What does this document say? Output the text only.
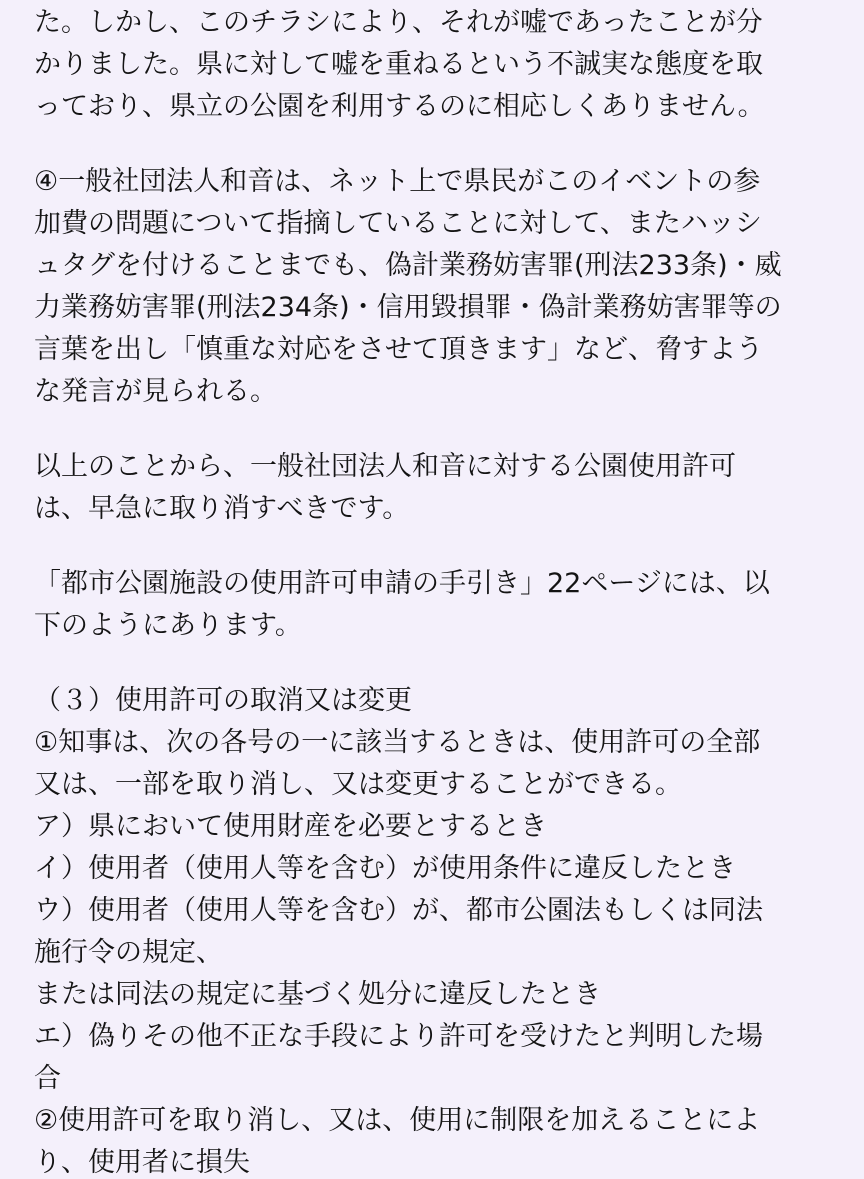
た。しかし、このチラシにより、それが嘘であったことが分

かりました。県に対して嘘を重ねるという不誠実な態度を取

っており、県立の公園を利用するのに相応しくありません。

④一般社団法人和音は、ネット上で県民がこのイベントの参

加費の問題について指摘していることに対して、またハッシ

ュタグを付けることまでも、偽計業務妨害罪(刑法233条)・威

力業務妨害罪(刑法234条)・信用毀損罪・偽計業務妨害罪等の

言葉を出し「慎重な対応をさせて頂きます」など、脅すよう

な発言が見られる。

以上のことから、一般社団法人和音に対する公園使用許可

は、早急に取り消すべきです。

「都市公園施設の使用許可申請の手引き」22ページには、以

下のようにあります。

（３）使用許可の取消又は変更

①知事は、次の各号の一に該当するときは、使用許可の全部

又は、一部を取り消し、又は変更することができる。

ア）県において使用財産を必要とするとき

イ）使用者（使用人等を含む）が使用条件に違反したとき

ウ）使用者（使用人等を含む）が、都市公園法もしくは同法

施行令の規定、

または同法の規定に基づく処分に違反したとき

エ）偽りその他不正な手段により許可を受けたと判明した場

合

②使用許可を取り消し、又は、使用に制限を加えることによ

り、使用者に損失
